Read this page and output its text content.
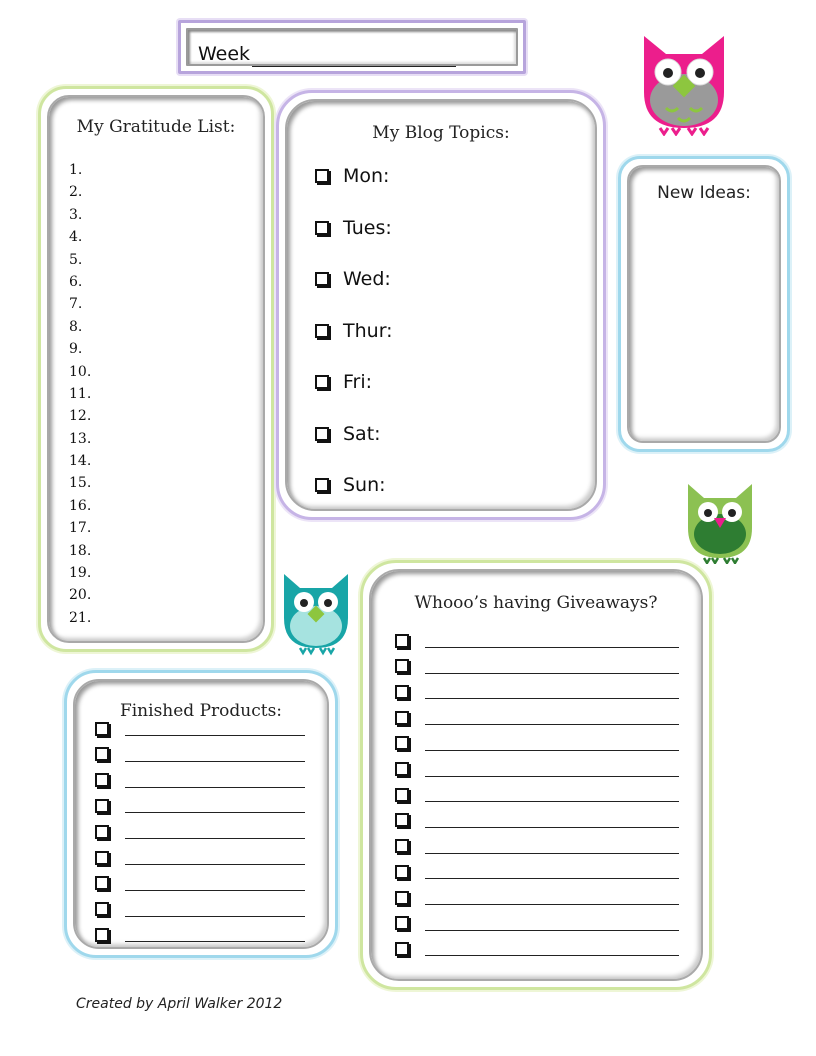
Week
My Gratitude List:
1.
2.
3.
4.
5.
6.
7.
8.
9.
10.
11.
12.
13.
14.
15.
16.
17.
18.
19.
20.
21.
My Blog Topics:
Mon:
Tues:
Wed:
Thur:
Fri:
Sat:
Sun:
New Ideas:
Finished Products:
Whooo’s having Giveaways?
Created by April Walker 2012
